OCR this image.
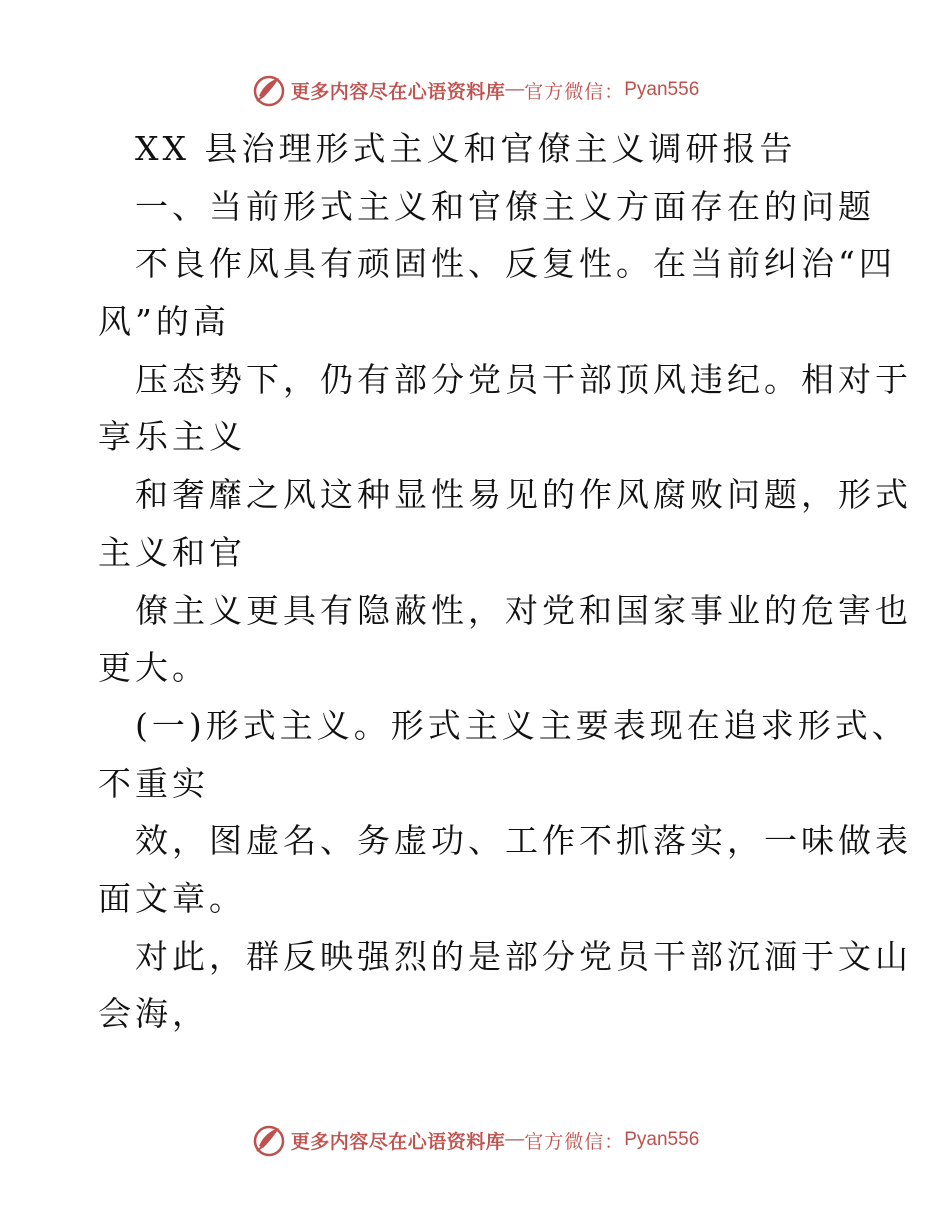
更多内容尽在心语资料库 — 官方微信： Pyan556
XX 县治理形式主义和官僚主义调研报告
一、当前形式主义和官僚主义方面存在的问题
不良作风具有顽固性、反复性。在当前纠治“四
风”的高
压态势下，仍有部分党员干部顶风违纪。相对于
享乐主义
和奢靡之风这种显性易见的作风腐败问题，形式
主义和官
僚主义更具有隐蔽性，对党和国家事业的危害也
更大。
(一)形式主义。形式主义主要表现在追求形式、
不重实
效，图虚名、务虚功、工作不抓落实，一味做表
面文章。
对此，群反映强烈的是部分党员干部沉湎于文山
会海，
更多内容尽在心语资料库 — 官方微信： Pyan556
